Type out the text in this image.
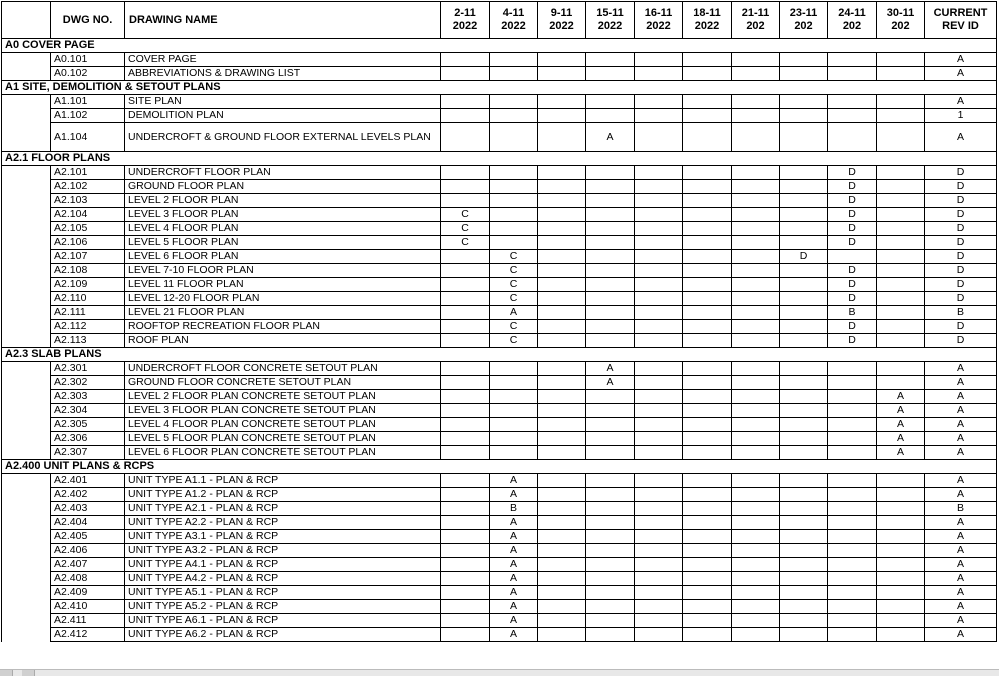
	DWG NO.	DRAWING NAME	2-11 2022	4-11 2022	9-11 2022	15-11 2022	16-11 2022	18-11 2022	21-11 202	23-11 202	24-11 202	30-11 202	CURRENT REV ID
A0 COVER PAGE													
	A0.101	COVER PAGE											A
	A0.102	ABBREVIATIONS & DRAWING LIST											A
A1 SITE, DEMOLITION & SETOUT PLANS													
	A1.101	SITE PLAN											A
	A1.102	DEMOLITION PLAN											1
	A1.104	UNDERCROFT & GROUND FLOOR EXTERNAL LEVELS PLAN				A							A
A2.1 FLOOR PLANS													
	A2.101	UNDERCROFT FLOOR PLAN									D		D
	A2.102	GROUND FLOOR PLAN									D		D
	A2.103	LEVEL 2 FLOOR PLAN									D		D
	A2.104	LEVEL 3 FLOOR PLAN	C								D		D
	A2.105	LEVEL 4 FLOOR PLAN	C								D		D
	A2.106	LEVEL 5 FLOOR PLAN	C								D		D
	A2.107	LEVEL 6 FLOOR PLAN		C						D			D
	A2.108	LEVEL 7-10 FLOOR PLAN		C							D		D
	A2.109	LEVEL 11 FLOOR PLAN		C							D		D
	A2.110	LEVEL 12-20 FLOOR PLAN		C							D		D
	A2.111	LEVEL 21 FLOOR PLAN		A							B		B
	A2.112	ROOFTOP RECREATION FLOOR PLAN		C							D		D
	A2.113	ROOF PLAN		C							D		D
A2.3 SLAB PLANS													
	A2.301	UNDERCROFT FLOOR CONCRETE SETOUT PLAN				A							A
	A2.302	GROUND FLOOR CONCRETE SETOUT PLAN				A							A
	A2.303	LEVEL 2 FLOOR PLAN CONCRETE SETOUT PLAN										A	A
	A2.304	LEVEL 3 FLOOR PLAN CONCRETE SETOUT PLAN										A	A
	A2.305	LEVEL 4 FLOOR PLAN CONCRETE SETOUT PLAN										A	A
	A2.306	LEVEL 5 FLOOR PLAN CONCRETE SETOUT PLAN										A	A
	A2.307	LEVEL 6 FLOOR PLAN CONCRETE SETOUT PLAN										A	A
A2.400 UNIT PLANS & RCPS													
	A2.401	UNIT TYPE A1.1 - PLAN & RCP		A									A
	A2.402	UNIT TYPE A1.2 - PLAN & RCP		A									A
	A2.403	UNIT TYPE A2.1 - PLAN & RCP		B									B
	A2.404	UNIT TYPE A2.2 - PLAN & RCP		A									A
	A2.405	UNIT TYPE A3.1 - PLAN & RCP		A									A
	A2.406	UNIT TYPE A3.2 - PLAN & RCP		A									A
	A2.407	UNIT TYPE A4.1 - PLAN & RCP		A									A
	A2.408	UNIT TYPE A4.2 - PLAN & RCP		A									A
	A2.409	UNIT TYPE A5.1 - PLAN & RCP		A									A
	A2.410	UNIT TYPE A5.2 - PLAN & RCP		A									A
	A2.411	UNIT TYPE A6.1 - PLAN & RCP		A									A
	A2.412	UNIT TYPE A6.2 - PLAN & RCP		A									A
